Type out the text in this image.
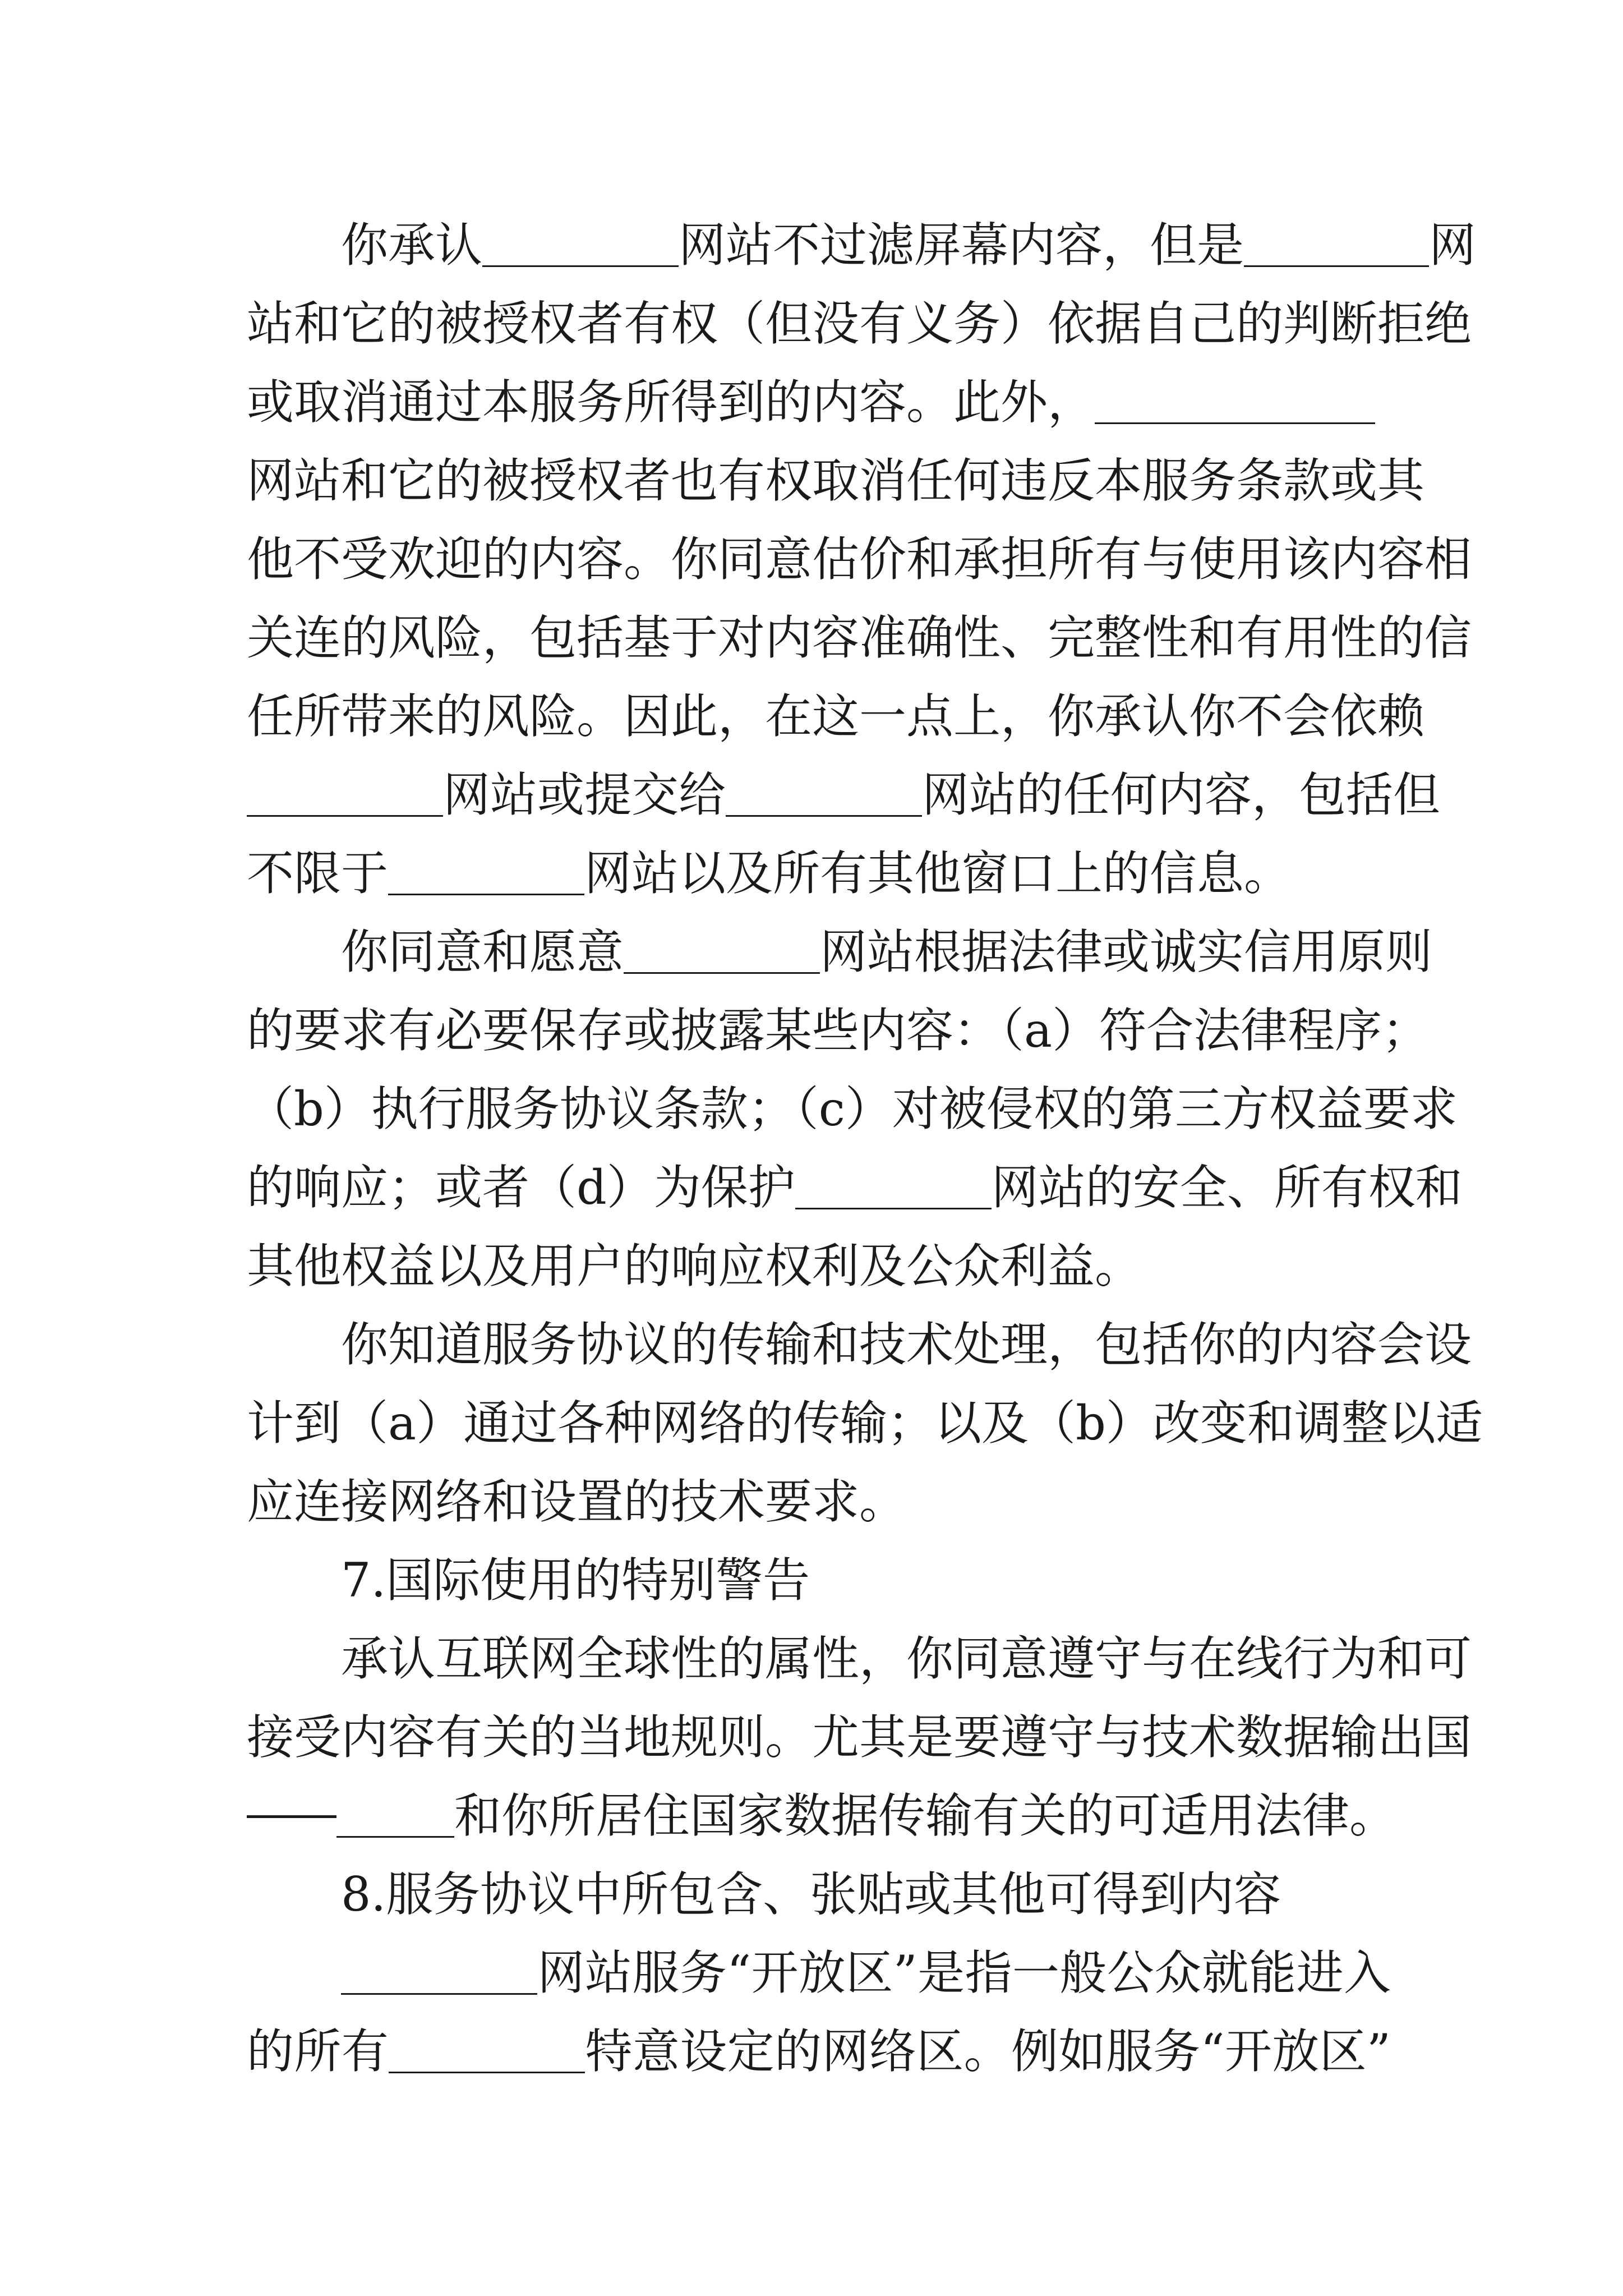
你承认	网站不过滤屏幕内容，但是	网
站和它的被授权者有权（但没有义务）依据自己的判断拒绝
或取消通过本服务所得到的内容。此外，
网站和它的被授权者也有权取消任何违反本服务条款或其
他不受欢迎的内容。你同意估价和承担所有与使用该内容相
关连的风险，包括基于对内容准确性、完整性和有用性的信
任所带来的风险。因此，在这一点上，你承认你不会依赖
网站或提交给	网站的任何内容，包括但
不限于	网站以及所有其他窗口上的信息。
你同意和愿意	网站根据法律或诚实信用原则
的要求有必要保存或披露某些内容：（a）符合法律程序；
（b）执行服务协议条款；（c）对被侵权的第三方权益要求
的响应；或者（d）为保护	网站的安全、所有权和
其他权益以及用户的响应权利及公众利益。
你知道服务协议的传输和技术处理，包括你的内容会设
计到（a）通过各种网络的传输；以及（b）改变和调整以适
应连接网络和设置的技术要求。
7.国际使用的特别警告
承认互联网全球性的属性，你同意遵守与在线行为和可
接受内容有关的当地规则。尤其是要遵守与技术数据输出国
和你所居住国家数据传输有关的可适用法律。
8.服务协议中所包含、张贴或其他可得到内容
网站服务“开放区”是指一般公众就能进入
的所有	特意设定的网络区。例如服务“开放区”
